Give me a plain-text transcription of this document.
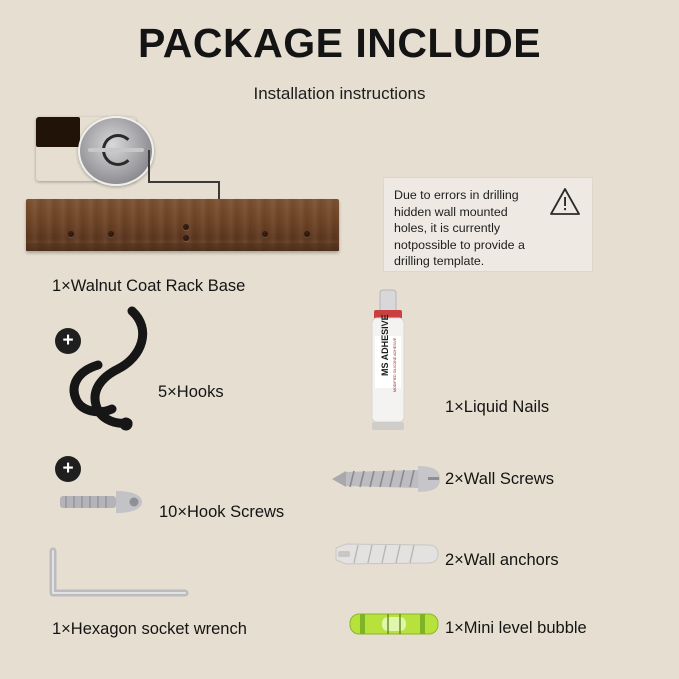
PACKAGE INCLUDE
Installation instructions
Due to errors in drilling hidden wall mounted holes, it is currently notpossible to provide a drilling template.
1×Walnut Coat Rack Base
+
5×Hooks
+
10×Hook Screws
1×Hexagon socket wrench
MS ADHESIVE MODIFIED SILICONE ADHESIVE
1×Liquid Nails
2×Wall Screws
2×Wall anchors
1×Mini level bubble
